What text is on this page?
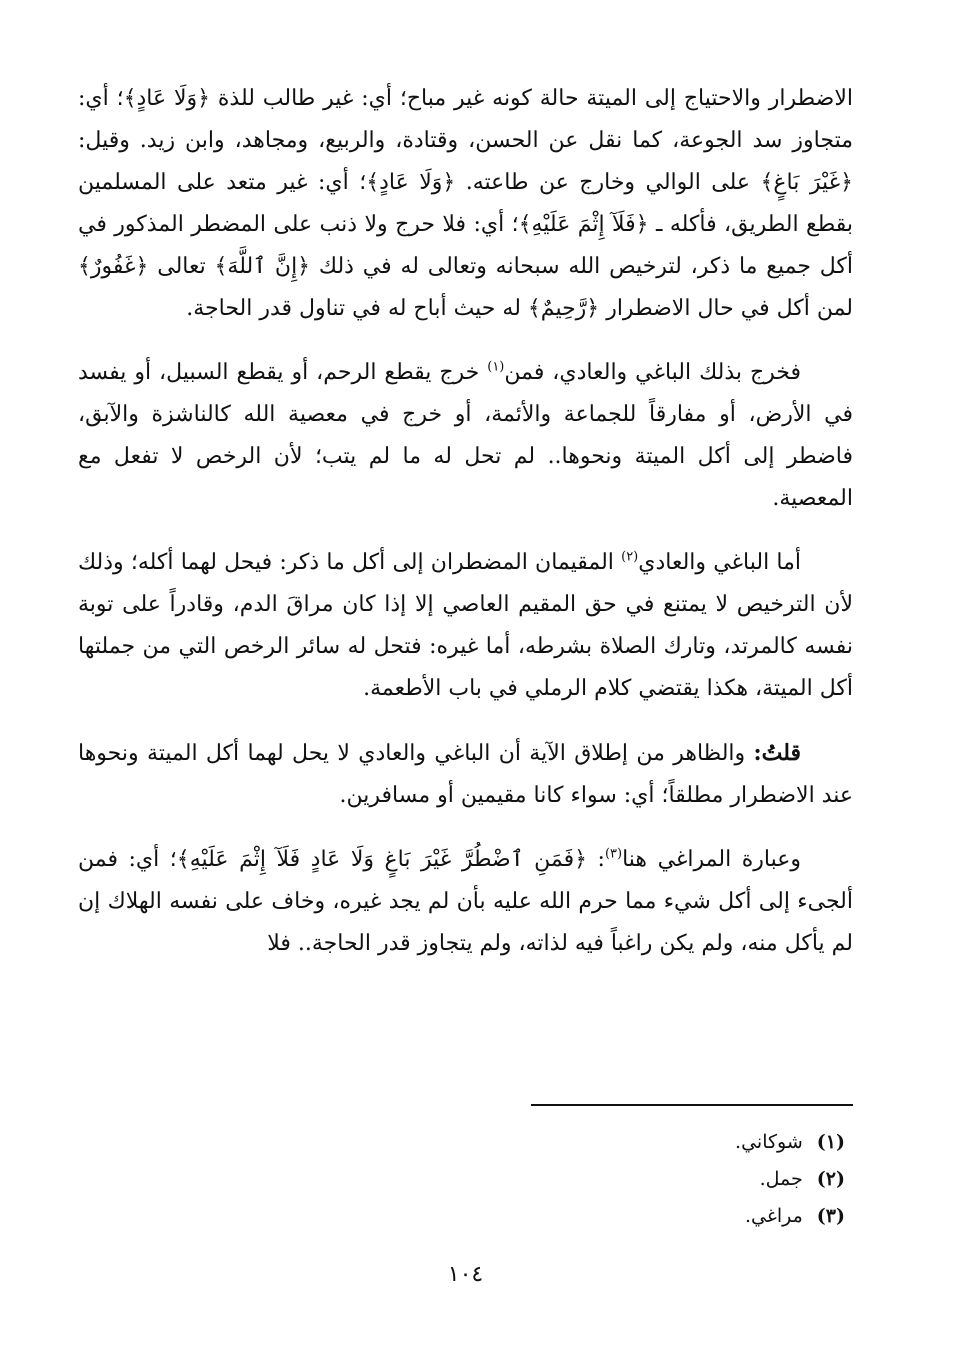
الاضطرار والاحتياج إلى الميتة حالة كونه غير مباح؛ أي: غير طالب للذة ﴿وَلَا عَادٍ﴾؛ أي: متجاوز سد الجوعة، كما نقل عن الحسن، وقتادة، والربيع، ومجاهد، وابن زيد. وقيل: ﴿غَيْرَ بَاغٍ﴾ على الوالي وخارج عن طاعته. ﴿وَلَا عَادٍ﴾؛ أي: غير متعد على المسلمين بقطع الطريق، فأكله ـ ﴿فَلَآ إِثْمَ عَلَيْهِ﴾؛ أي: فلا حرج ولا ذنب على المضطر المذكور في أكل جميع ما ذكر، لترخيص الله سبحانه وتعالى له في ذلك ﴿إِنَّ ٱللَّهَ﴾ تعالى ﴿غَفُورٌ﴾ لمن أكل في حال الاضطرار ﴿رَّحِيمٌ﴾ له حيث أباح له في تناول قدر الحاجة.

فخرج بذلك الباغي والعادي، فمن$^{(١)}$ خرج يقطع الرحم، أو يقطع السبيل، أو يفسد في الأرض، أو مفارقاً للجماعة والأئمة، أو خرج في معصية الله كالناشزة والآبق، فاضطر إلى أكل الميتة ونحوها.. لم تحل له ما لم يتب؛ لأن الرخص لا تفعل مع المعصية.

أما الباغي والعادي$^{(٢)}$ المقيمان المضطران إلى أكل ما ذكر: فيحل لهما أكله؛ وذلك لأن الترخيص لا يمتنع في حق المقيم العاصي إلا إذا كان مراقَ الدم، وقادراً على توبة نفسه كالمرتد، وتارك الصلاة بشرطه، أما غيره: فتحل له سائر الرخص التي من جملتها أكل الميتة، هكذا يقتضي كلام الرملي في باب الأطعمة.

قلتُ: والظاهر من إطلاق الآية أن الباغي والعادي لا يحل لهما أكل الميتة ونحوها عند الاضطرار مطلقاً؛ أي: سواء كانا مقيمين أو مسافرين.

وعبارة المراغي هنا$^{(٣)}$: ﴿فَمَنِ ٱضْطُرَّ غَيْرَ بَاغٍ وَلَا عَادٍ فَلَآ إِثْمَ عَلَيْهِ﴾؛ أي: فمن ألجىء إلى أكل شيء مما حرم الله عليه بأن لم يجد غيره، وخاف على نفسه الهلاك إن لم يأكل منه، ولم يكن راغباً فيه لذاته، ولم يتجاوز قدر الحاجة.. فلا

(١)شوكاني.
(٢)جمل.
(٣)مراغي.
١٠٤
